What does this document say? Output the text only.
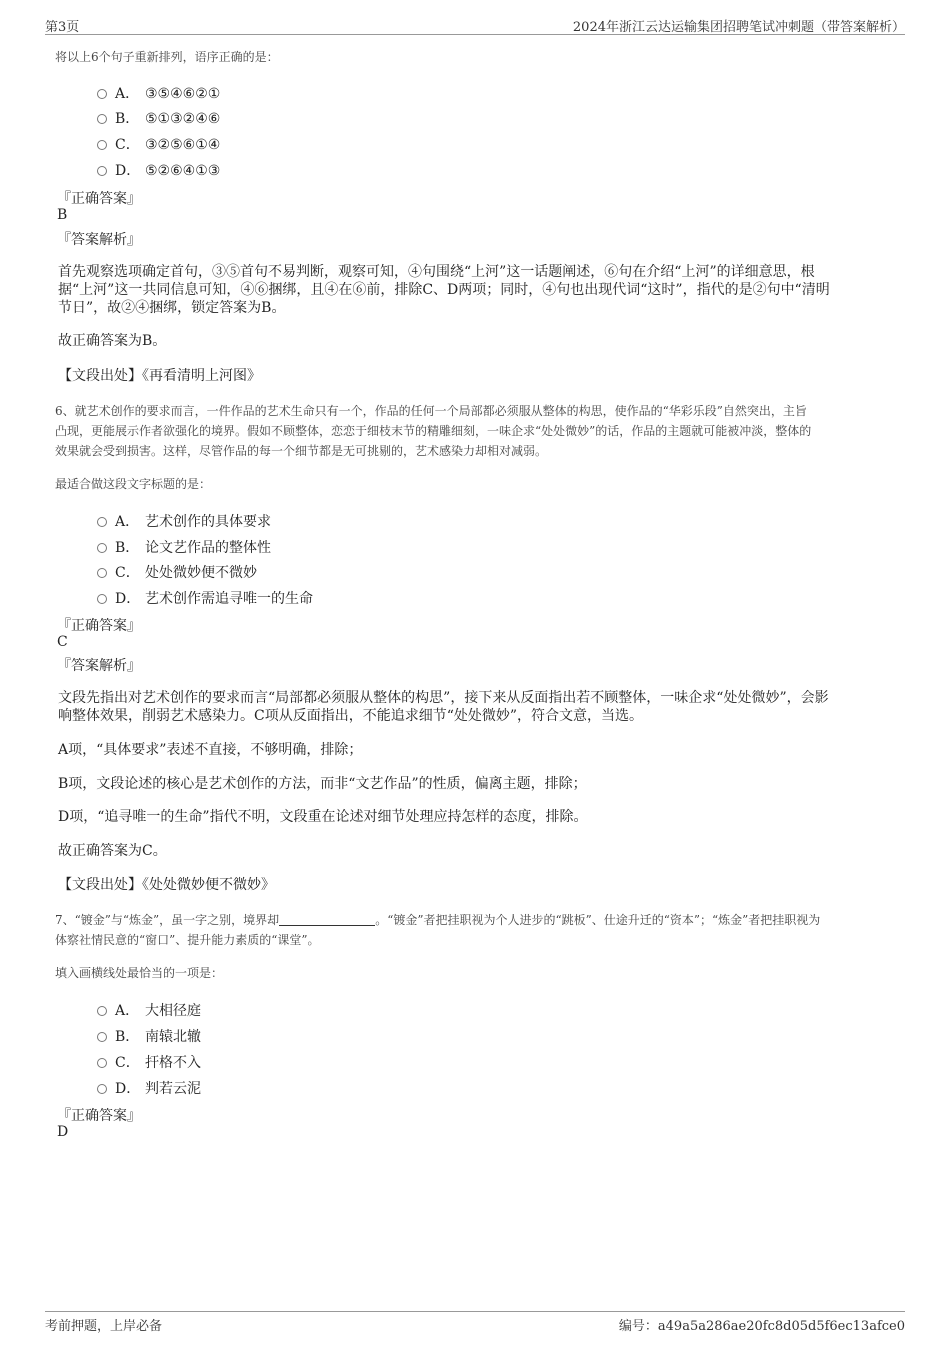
第3页	2024年浙江云达运输集团招聘笔试冲刺题（带答案解析）
将以上6个句子重新排列，语序正确的是：
A． ③⑤④⑥②①
B． ⑤①③②④⑥
C． ③②⑤⑥①④
D． ⑤②⑥④①③
『正确答案』
B
『答案解析』
首先观察选项确定首句，③⑤首句不易判断，观察可知，④句围绕“上河”这一话题阐述，⑥句在介绍“上河”的详细意思，根
据“上河”这一共同信息可知，④⑥捆绑，且④在⑥前，排除C、D两项；同时，④句也出现代词“这时”，指代的是②句中“清明
节日”，故②④捆绑，锁定答案为B。
故正确答案为B。
【文段出处】《再看清明上河图》
6、就艺术创作的要求而言，一件作品的艺术生命只有一个，作品的任何一个局部都必须服从整体的构思，使作品的“华彩乐段”自然突出，主旨
凸现，更能展示作者欲强化的境界。假如不顾整体，恋恋于细枝末节的精雕细刻，一味企求“处处微妙”的话，作品的主题就可能被冲淡，整体的
效果就会受到损害。这样，尽管作品的每一个细节都是无可挑剔的，艺术感染力却相对减弱。
最适合做这段文字标题的是：
A． 艺术创作的具体要求
B． 论文艺作品的整体性
C． 处处微妙便不微妙
D． 艺术创作需追寻唯一的生命
『正确答案』
C
『答案解析』
文段先指出对艺术创作的要求而言“局部都必须服从整体的构思”，接下来从反面指出若不顾整体，一味企求“处处微妙”，会影
响整体效果，削弱艺术感染力。C项从反面指出，不能追求细节“处处微妙”，符合文意，当选。
A项，“具体要求”表述不直接，不够明确，排除；
B项，文段论述的核心是艺术创作的方法，而非“文艺作品”的性质，偏离主题，排除；
D项，“追寻唯一的生命”指代不明，文段重在论述对细节处理应持怎样的态度，排除。
故正确答案为C。
【文段出处】《处处微妙便不微妙》
7、“镀金”与“炼金”，虽一字之别，境界却	。“镀金”者把挂职视为个人进步的“跳板”、仕途升迁的“资本”；“炼金”者把挂职视为
体察社情民意的“窗口”、提升能力素质的“课堂”。
填入画横线处最恰当的一项是：
A． 大相径庭
B． 南辕北辙
C． 扞格不入
D． 判若云泥
『正确答案』
D
考前押题，上岸必备	编号：a49a5a286ae20fc8d05d5f6ec13afce0
